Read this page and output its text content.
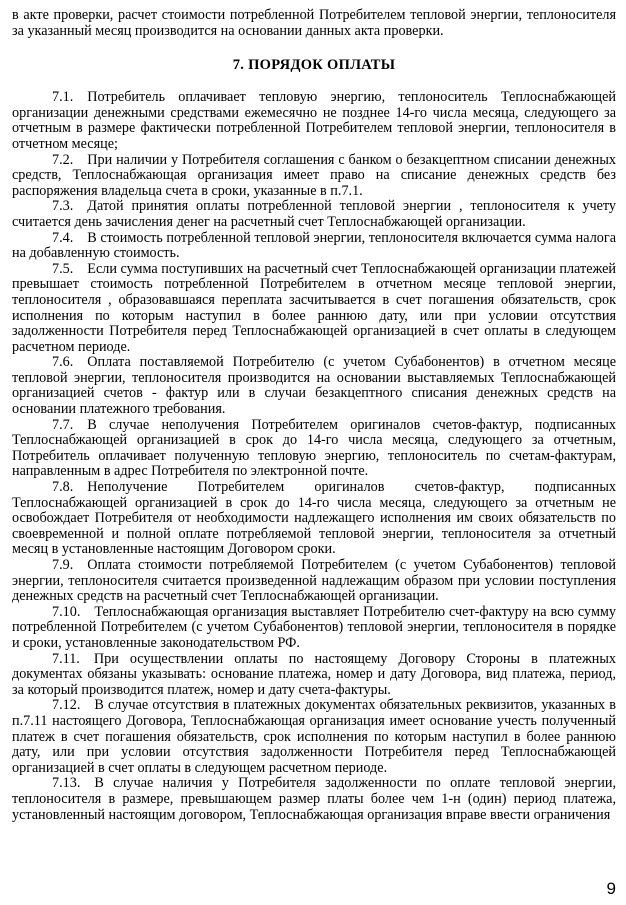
в акте проверки, расчет стоимости потребленной Потребителем тепловой энергии, теплоносителя за указанный месяц производится на основании данных акта проверки.

7. ПОРЯДОК ОПЛАТЫ

7.1. Потребитель оплачивает тепловую энергию, теплоноситель Теплоснабжающей организации денежными средствами ежемесячно не позднее 14-го числа месяца, следующего за отчетным в размере фактически потребленной Потребителем тепловой энергии, теплоносителя в отчетном месяце;

7.2. При наличии у Потребителя соглашения с банком о безакцептном списании денежных средств, Теплоснабжающая организация имеет право на списание денежных средств без распоряжения владельца счета в сроки, указанные в п.7.1.

7.3. Датой принятия оплаты потребленной тепловой энергии , теплоносителя к учету считается день зачисления денег на расчетный счет Теплоснабжающей организации.

7.4. В стоимость потребленной тепловой энергии, теплоносителя включается сумма налога на добавленную стоимость.

7.5. Если сумма поступивших на расчетный счет Теплоснабжающей организации платежей превышает стоимость потребленной Потребителем в отчетном месяце тепловой энергии, теплоносителя , образовавшаяся переплата засчитывается в счет погашения обязательств, срок исполнения по которым наступил в более раннюю дату, или при условии отсутствия задолженности Потребителя перед Теплоснабжающей организацией в счет оплаты в следующем расчетном периоде.

7.6. Оплата поставляемой Потребителю (с учетом Субабонентов) в отчетном месяце тепловой энергии, теплоносителя производится на основании выставляемых Теплоснабжающей организацией счетов - фактур или в случаи безакцептного списания денежных средств на основании платежного требования.

7.7. В случае неполучения Потребителем оригиналов счетов-фактур, подписанных Теплоснабжающей организацией в срок до 14-го числа месяца, следующего за отчетным, Потребитель оплачивает полученную тепловую энергию, теплоноситель по счетам-фактурам, направленным в адрес Потребителя по электронной почте.

7.8. Неполучение Потребителем оригиналов счетов-фактур, подписанных Теплоснабжающей организацией в срок до 14-го числа месяца, следующего за отчетным не освобождает Потребителя от необходимости надлежащего исполнения им своих обязательств по своевременной и полной оплате потребляемой тепловой энергии, теплоносителя за отчетный месяц в установленные настоящим Договором сроки.

7.9. Оплата стоимости потребляемой Потребителем (с учетом Субабонентов) тепловой энергии, теплоносителя считается произведенной надлежащим образом при условии поступления денежных средств на расчетный счет Теплоснабжающей организации.

7.10. Теплоснабжающая организация выставляет Потребителю счет-фактуру на всю сумму потребленной Потребителем (с учетом Субабонентов) тепловой энергии, теплоносителя в порядке и сроки, установленные законодательством РФ.

7.11. При осуществлении оплаты по настоящему Договору Стороны в платежных документах обязаны указывать: основание платежа, номер и дату Договора, вид платежа, период, за который производится платеж, номер и дату счета-фактуры.

7.12. В случае отсутствия в платежных документах обязательных реквизитов, указанных в п.7.11 настоящего Договора, Теплоснабжающая организация имеет основание учесть полученный платеж в счет погашения обязательств, срок исполнения по которым наступил в более раннюю дату, или при условии отсутствия задолженности Потребителя перед Теплоснабжающей организацией в счет оплаты в следующем расчетном периоде.

7.13. В случае наличия у Потребителя задолженности по оплате тепловой энергии, теплоносителя в размере, превышающем размер платы более чем 1-н (один) период платежа, установленный настоящим договором, Теплоснабжающая организация вправе ввести ограничения

9
